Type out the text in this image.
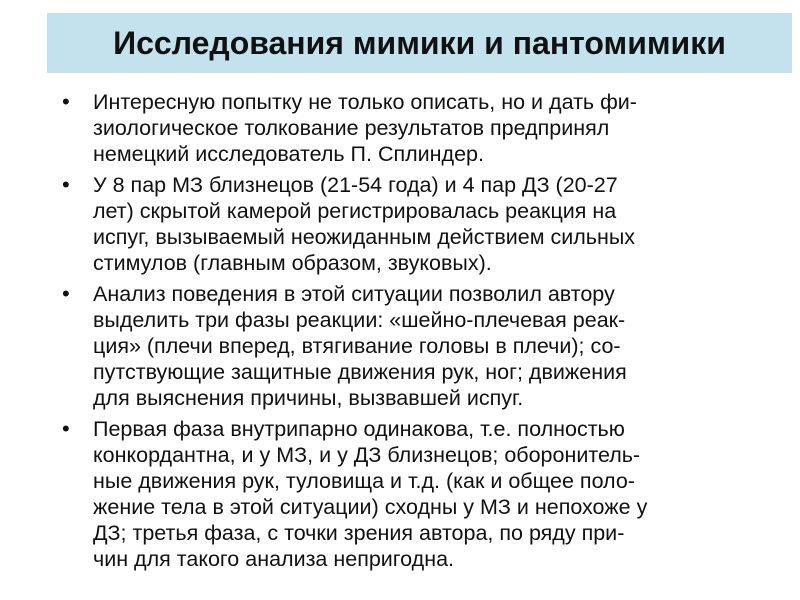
Исследования мимики и пантомимики
• Интересную попытку не только описать, но и дать фи-
зиологическое толкование результатов предпринял
немецкий исследователь П. Сплиндер.
• У 8 пар МЗ близнецов (21-54 года) и 4 пар ДЗ (20-27
лет) скрытой камерой регистрировалась реакция на
испуг, вызываемый неожиданным действием сильных
стимулов (главным образом, звуковых).
• Анализ поведения в этой ситуации позволил автору
выделить три фазы реакции: «шейно-плечевая реак-
ция» (плечи вперед, втягивание головы в плечи); со-
путствующие защитные движения рук, ног; движения
для выяснения причины, вызвавшей испуг.
• Первая фаза внутрипарно одинакова, т.е. полностью
конкордантна, и у МЗ, и у ДЗ близнецов; оборонитель-
ные движения рук, туловища и т.д. (как и общее поло-
жение тела в этой ситуации) сходны у МЗ и непохоже у
ДЗ; третья фаза, с точки зрения автора, по ряду при-
чин для такого анализа непригодна.
